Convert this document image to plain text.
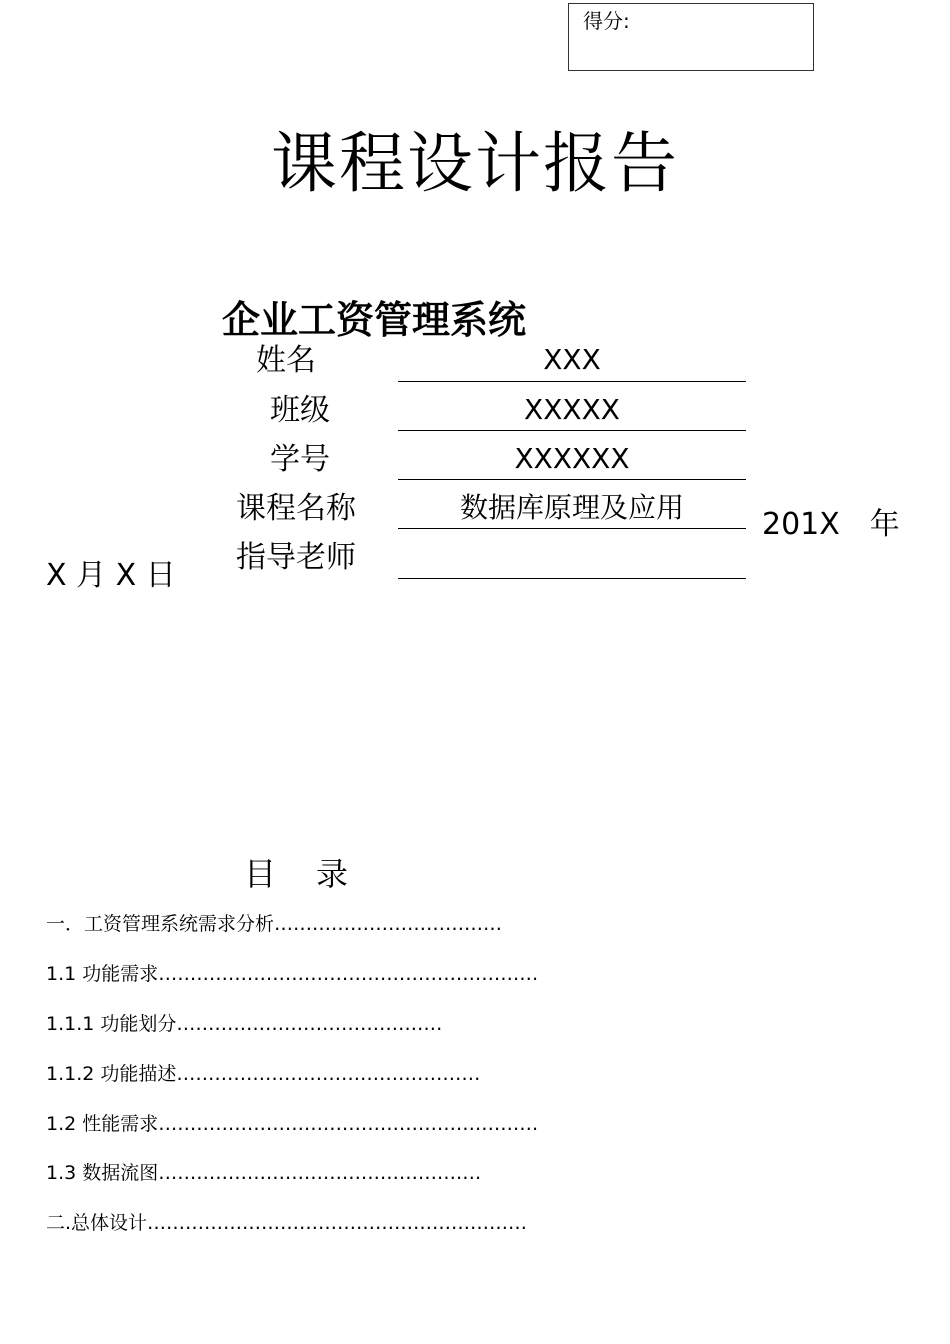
得分:
课程设计报告
企业工资管理系统
姓名	XXX
班级	XXXXX
学号	XXXXXX
课程名称	数据库原理及应用
指导老师
201X　年
X 月 X 日
目录
一．工资管理系统需求分析………………………………
1.1 功能需求……………………………………………………
1.1.1 功能划分……………………………………
1.1.2 功能描述…………………………………………
1.2 性能需求……………………………………………………
1.3 数据流图……………………………………………
二.总体设计……………………………………………………
